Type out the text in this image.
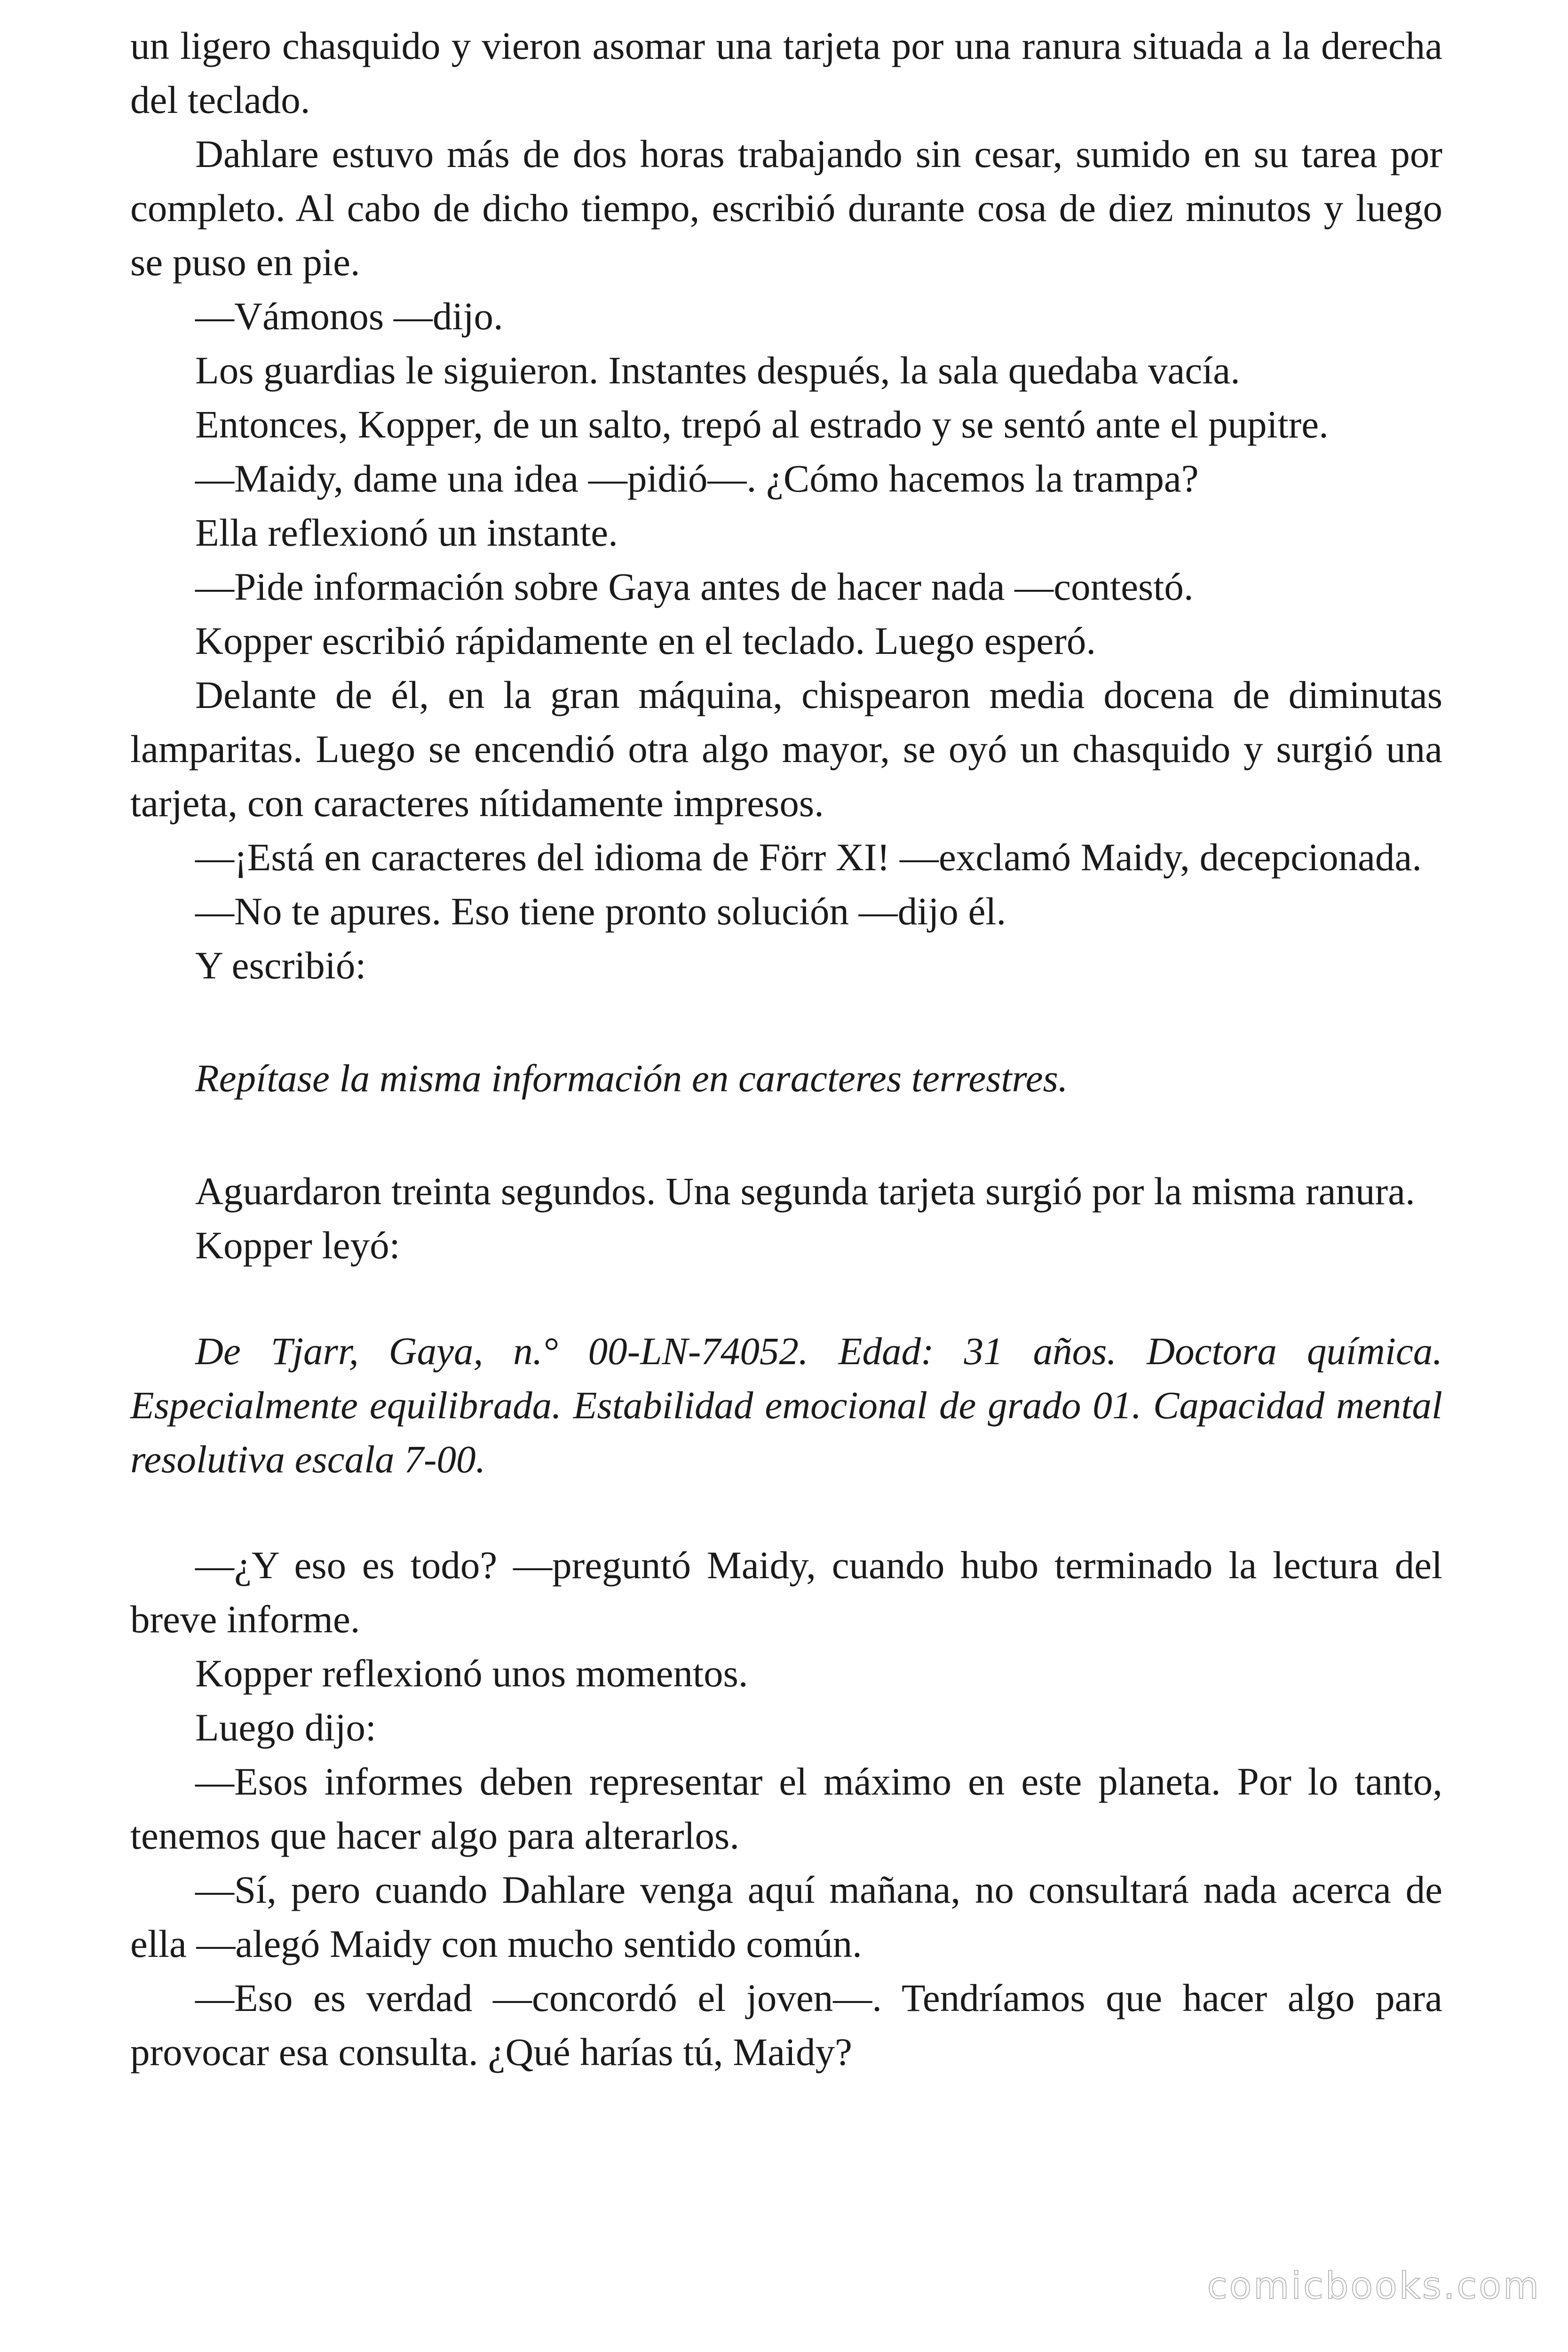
un ligero chasquido y vieron asomar una tarjeta por una ranura situada a la derecha del teclado.

Dahlare estuvo más de dos horas trabajando sin cesar, sumido en su tarea por completo. Al cabo de dicho tiempo, escribió durante cosa de diez minutos y luego se puso en pie.

—Vámonos —dijo.

Los guardias le siguieron. Instantes después, la sala quedaba vacía.

Entonces, Kopper, de un salto, trepó al estrado y se sentó ante el pupitre.

—Maidy, dame una idea —pidió—. ¿Cómo hacemos la trampa?

Ella reflexionó un instante.

—Pide información sobre Gaya antes de hacer nada —contestó.

Kopper escribió rápidamente en el teclado. Luego esperó.

Delante de él, en la gran máquina, chispearon media docena de diminutas lamparitas. Luego se encendió otra algo mayor, se oyó un chasquido y surgió una tarjeta, con caracteres nítidamente impresos.

—¡Está en caracteres del idioma de Förr XI! —exclamó Maidy, decepcionada.

—No te apures. Eso tiene pronto solución —dijo él.

Y escribió:

Repítase la misma información en caracteres terrestres.

Aguardaron treinta segundos. Una segunda tarjeta surgió por la misma ranura.

Kopper leyó:

De Tjarr, Gaya, n.° 00-LN-74052. Edad: 31 años. Doctora química. Especialmente equilibrada. Estabilidad emocional de grado 01. Capacidad mental resolutiva escala 7-00.

—¿Y eso es todo? —preguntó Maidy, cuando hubo terminado la lectura del breve informe.

Kopper reflexionó unos momentos.

Luego dijo:

—Esos informes deben representar el máximo en este planeta. Por lo tanto, tenemos que hacer algo para alterarlos.

—Sí, pero cuando Dahlare venga aquí mañana, no consultará nada acerca de ella —alegó Maidy con mucho sentido común.

—Eso es verdad —concordó el joven—. Tendríamos que hacer algo para provocar esa consulta. ¿Qué harías tú, Maidy?

comicbooks.com
